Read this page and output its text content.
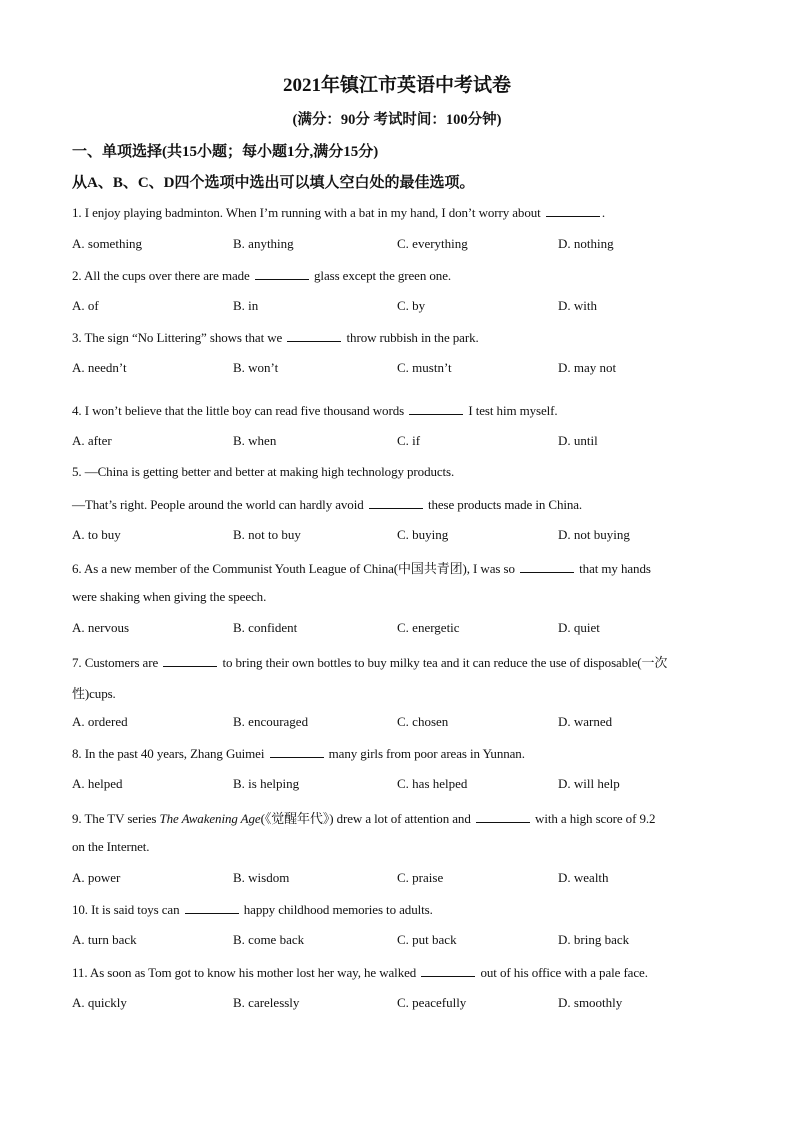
2021年镇江市英语中考试卷
(满分：90分 考试时间：100分钟)
一、单项选择(共15小题；每小题1分,满分15分)
从A、B、C、D四个选项中选出可以填人空白处的最佳选项。
1. I enjoy playing badminton. When I’m running with a bat in my hand, I don’t worry about	.
A. something	B. anything	C. everything	D. nothing
2. All the cups over there are made	glass except the green one.
A. of	B. in	C. by	D. with
3. The sign “No Littering” shows that we	throw rubbish in the park.
A. needn’t	B. won’t	C. mustn’t	D. may not
4. I won’t believe that the little boy can read five thousand words	I test him myself.
A. after	B. when	C. if	D. until
5. —China is getting better and better at making high technology products.
—That’s right. People around the world can hardly avoid	these products made in China.
A. to buy	B. not to buy	C. buying	D. not buying
6. As a new member of the Communist Youth League of China(中国共青团), I was so	that my hands
were shaking when giving the speech.
A. nervous	B. confident	C. energetic	D. quiet
7. Customers are	to bring their own bottles to buy milky tea and it can reduce the use of disposable(一次
性)cups.
A. ordered	B. encouraged	C. chosen	D. warned
8. In the past 40 years, Zhang Guimei	many girls from poor areas in Yunnan.
A. helped	B. is helping	C. has helped	D. will help
9. The TV series The Awakening Age(《觉醒年代》) drew a lot of attention and	with a high score of 9.2
on the Internet.
A. power	B. wisdom	C. praise	D. wealth
10. It is said toys can	happy childhood memories to adults.
A. turn back	B. come back	C. put back	D. bring back
11. As soon as Tom got to know his mother lost her way, he walked	out of his office with a pale face.
A. quickly	B. carelessly	C. peacefully	D. smoothly
